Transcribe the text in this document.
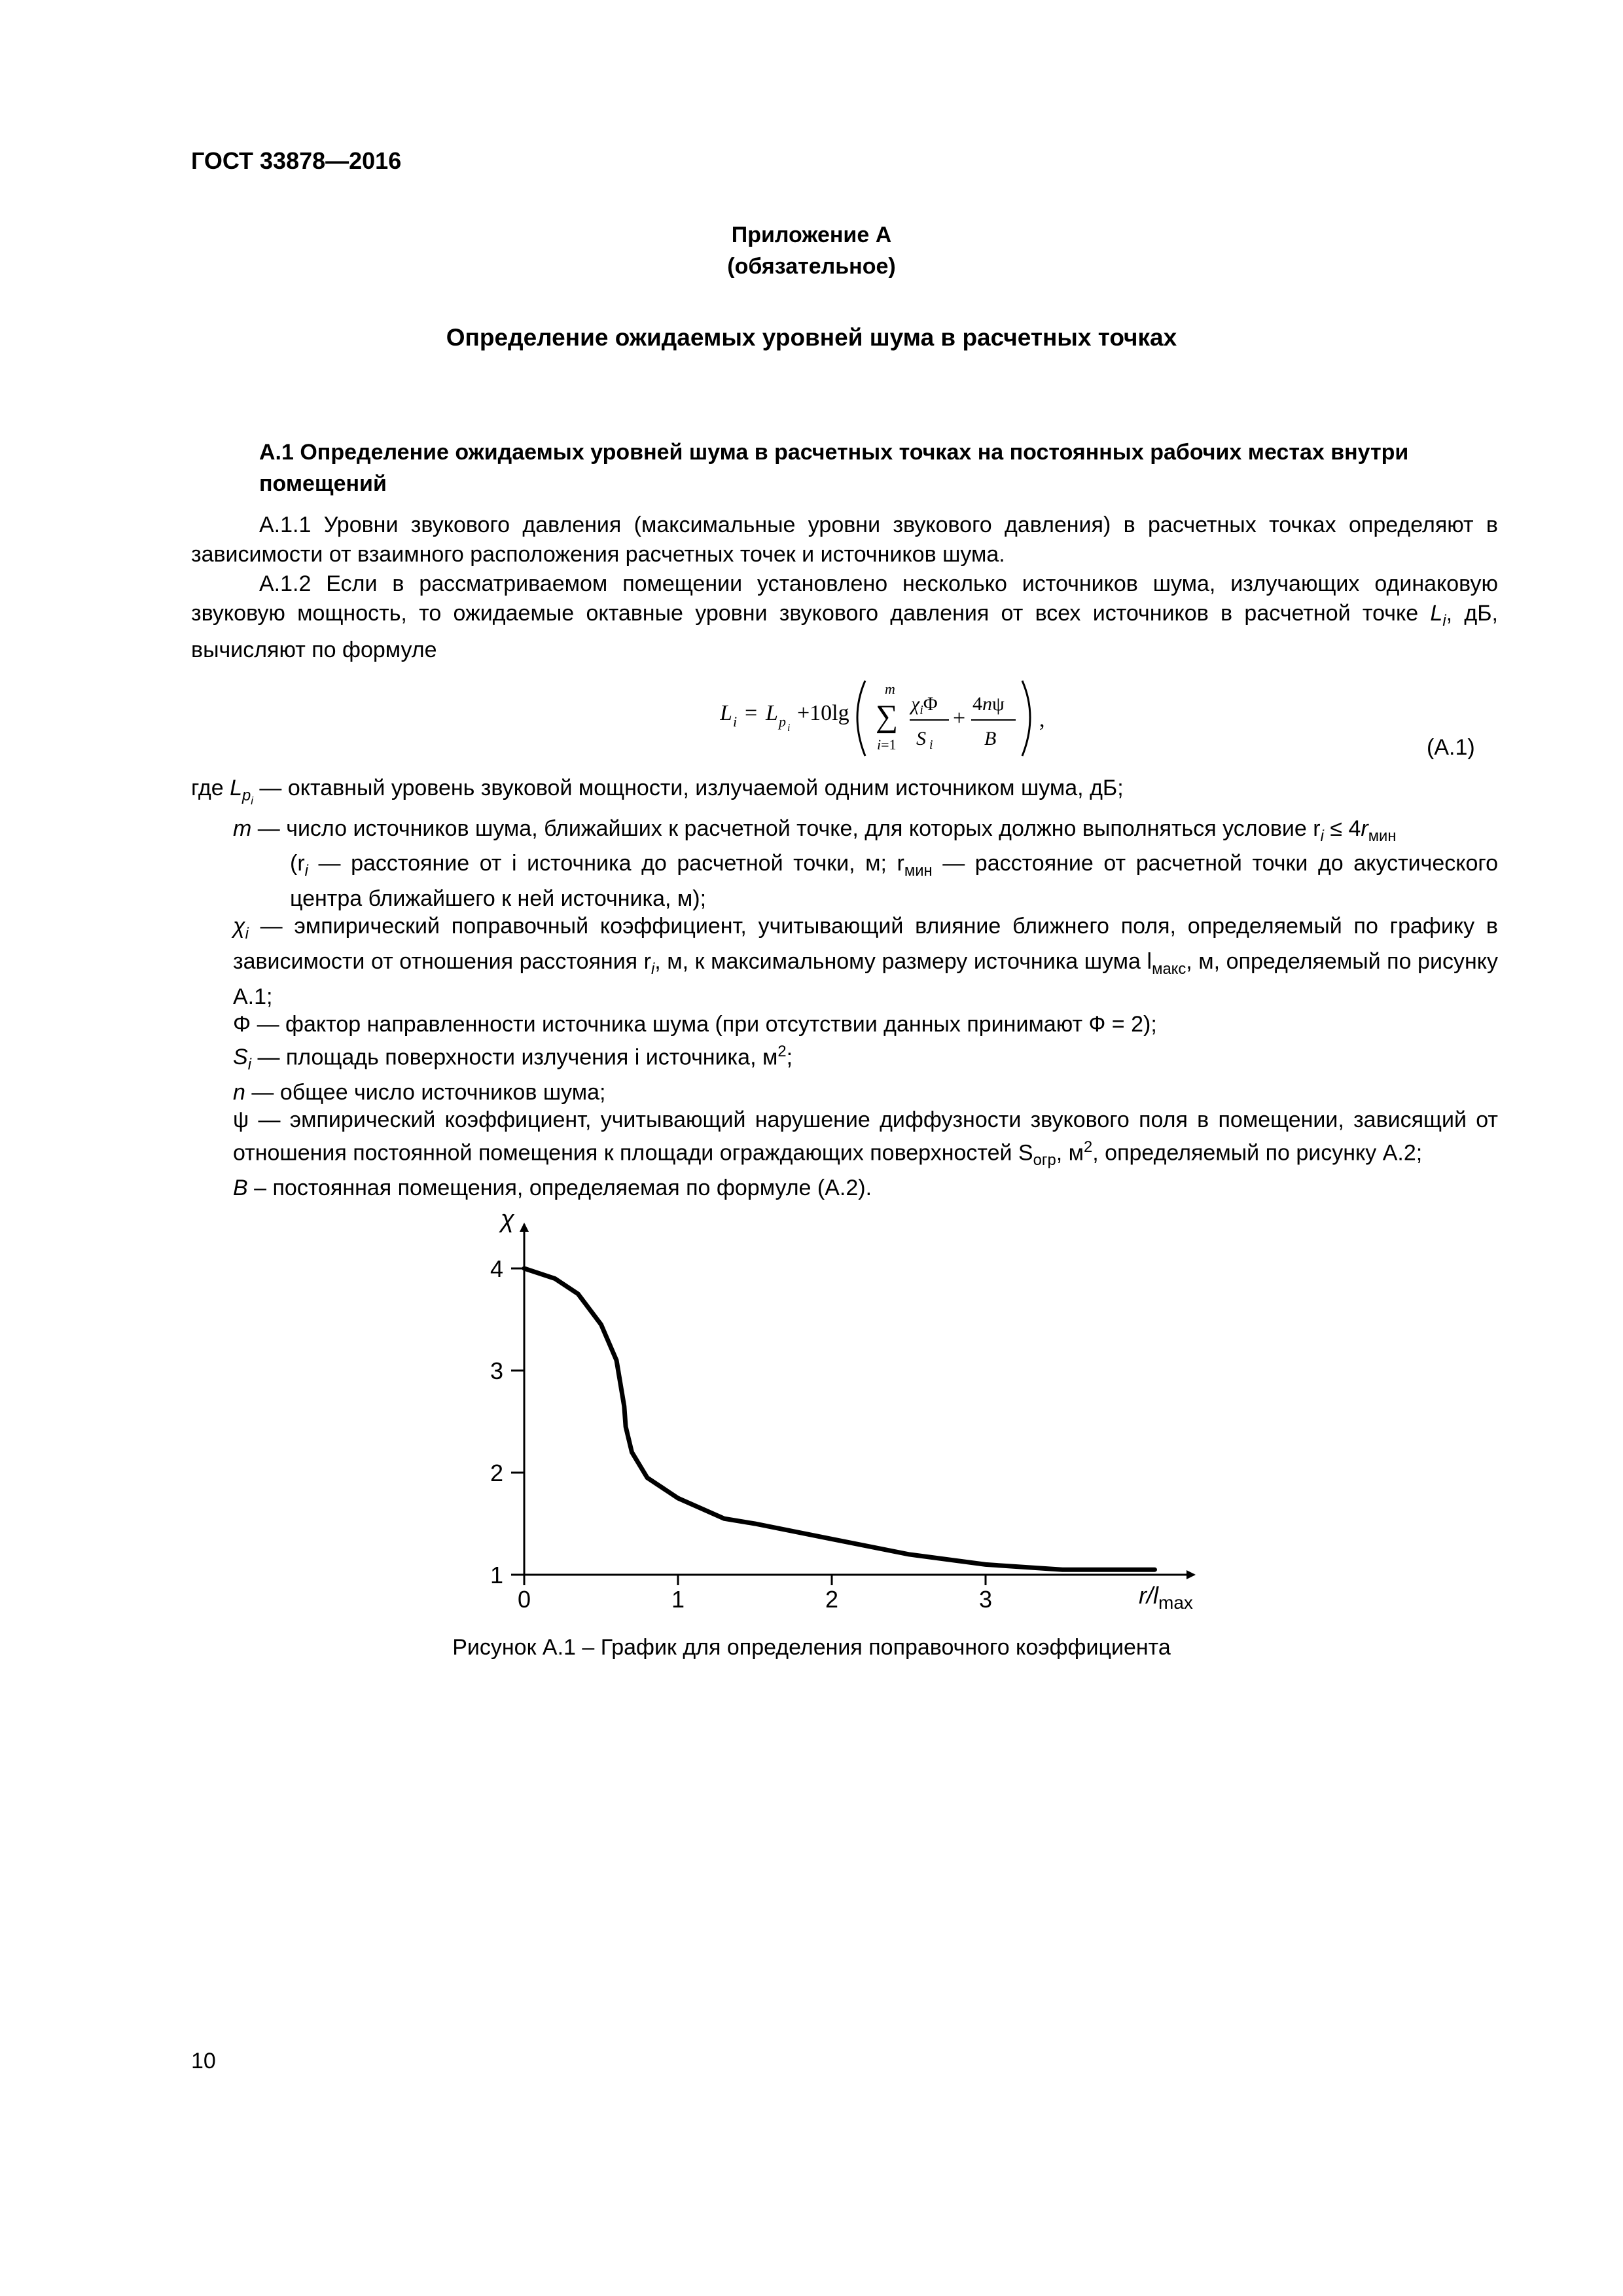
ГОСТ 33878—2016
Приложение А
(обязательное)
Определение ожидаемых уровней шума в расчетных точках
А.1 Определение ожидаемых уровней шума в расчетных точках на постоянных рабочих местах внутри помещений
А.1.1 Уровни звукового давления (максимальные уровни звукового давления) в расчетных точках определяют в зависимости от взаимного расположения расчетных точек и источников шума.
А.1.2 Если в рассматриваемом помещении установлено несколько источников шума, излучающих одинаковую звуковую мощность, то ожидаемые октавные уровни звукового давления от всех источников в расчетной точке $L_i$, дБ, вычисляют по формуле
L i = L p i
+10lg ∑
m
i=1
$\chi_i\Phi$
S i
+
4nψ
B
,
(А.1)
где $L_{p_i}$ — октавный уровень звуковой мощности, излучаемой одним источником шума, дБ;
m — число источников шума, ближайших к расчетной точке, для которых должно выполняться условие $r_i \le 4r_{мин}$
($r_i$ — расстояние от i источника до расчетной точки, м; $r_{мин}$ — расстояние от расчетной точки до акустического центра ближайшего к ней источника, м);
$\chi_i$ — эмпирический поправочный коэффициент, учитывающий влияние ближнего поля, определяемый по графику в зависимости от отношения расстояния $r_i$, м, к максимальному размеру источника шума $l_{макс}$, м, определяемый по рисунку А.1;
Φ — фактор направленности источника шума (при отсутствии данных принимают Ф = 2);
$S_i$ — площадь поверхности излучения i источника, $м^2$;
n — общее число источников шума;
ψ — эмпирический коэффициент, учитывающий нарушение диффузности звукового поля в помещении, зависящий от отношения постоянной помещения к площади ограждающих поверхностей $S_{огр}$, $м^2$, определяемый по рисунку А.2;
B – постоянная помещения, определяемая по формуле (А.2).
0	1	2	3
1
2
3
4
χ
$r/l_{max}$
Рисунок А.1 – График для определения поправочного коэффициента
10
